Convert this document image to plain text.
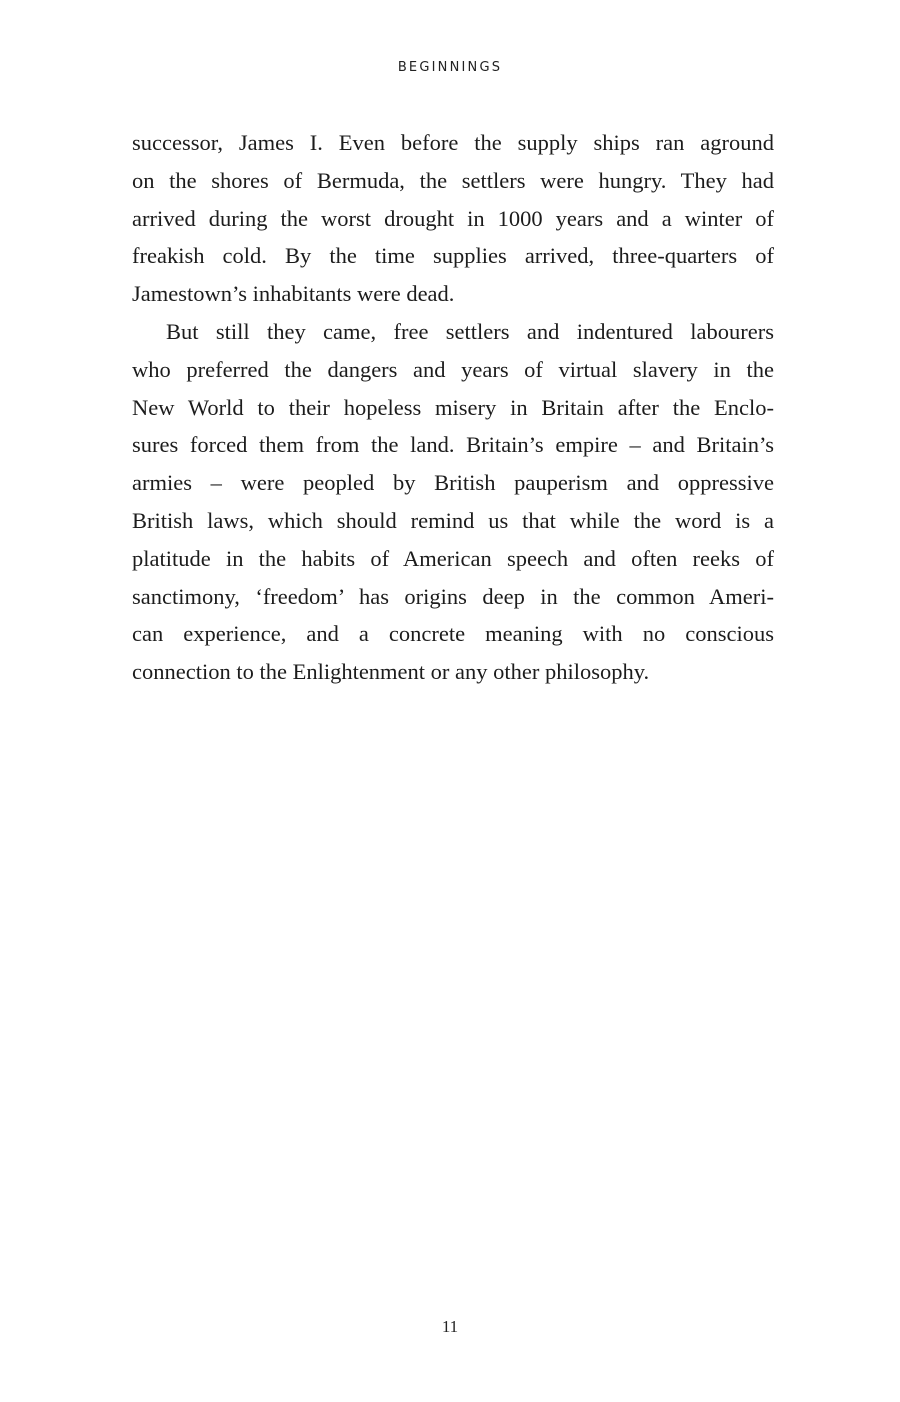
BEGINNINGS

successor, James I. Even before the supply ships ran aground
on the shores of Bermuda, the settlers were hungry. They had
arrived during the worst drought in 1000 years and a winter of
freakish cold. By the time supplies arrived, three-quarters of
Jamestown’s inhabitants were dead.

But still they came, free settlers and indentured labourers
who preferred the dangers and years of virtual slavery in the
New World to their hopeless misery in Britain after the Enclo-
sures forced them from the land. Britain’s empire – and Britain’s
armies – were peopled by British pauperism and oppressive
British laws, which should remind us that while the word is a
platitude in the habits of American speech and often reeks of
sanctimony, ‘freedom’ has origins deep in the common Ameri-
can experience, and a concrete meaning with no conscious
connection to the Enlightenment or any other philosophy.

11
